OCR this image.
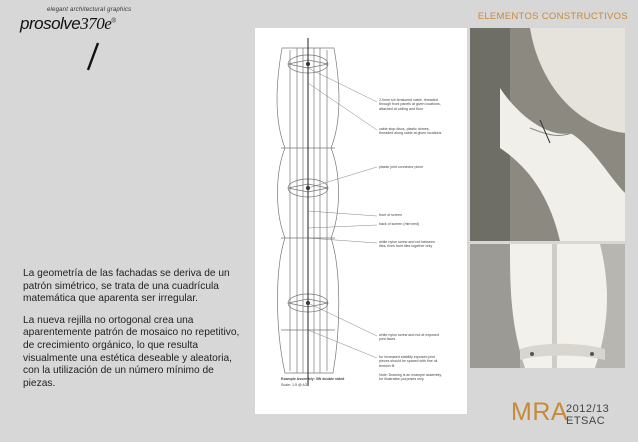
elegant architectural graphics
prosolve370e®	ELEMENTOS CONSTRUCTIVOS

La geometría de las fachadas se deriva de un patrón simétrico, se trata de una cuadrícula matemática que aparenta ser irregular.

La nueva rejilla no ortogonal crea una aparentemente patrón de mosaico no repetitivo, de crecimiento orgánico, lo que resulta visualmente una estética deseable y aleatoria, con la utilización de un número mínimo de piezas.

2.0mm s/s tensioned cable, threaded through front panels at given locations, attached at ceiling and floor
cable stop discs, plastic domes, threaded along cable at given locations
plastic joint connector piece
front of screen
back of screen (mirrored)
white nylon screw and nut between tiles, fixes front tiles together only
white nylon screw and nut at exposed joint faces
for increased stability exposed joint pieces should be spaced with fine oil tension fit
Note: Drawing is an example assembly, for illustration purposes only
Example Assembly: 3W double sided
Scale: 1:5 @ A3
MRA
2012/13
ETSAC
